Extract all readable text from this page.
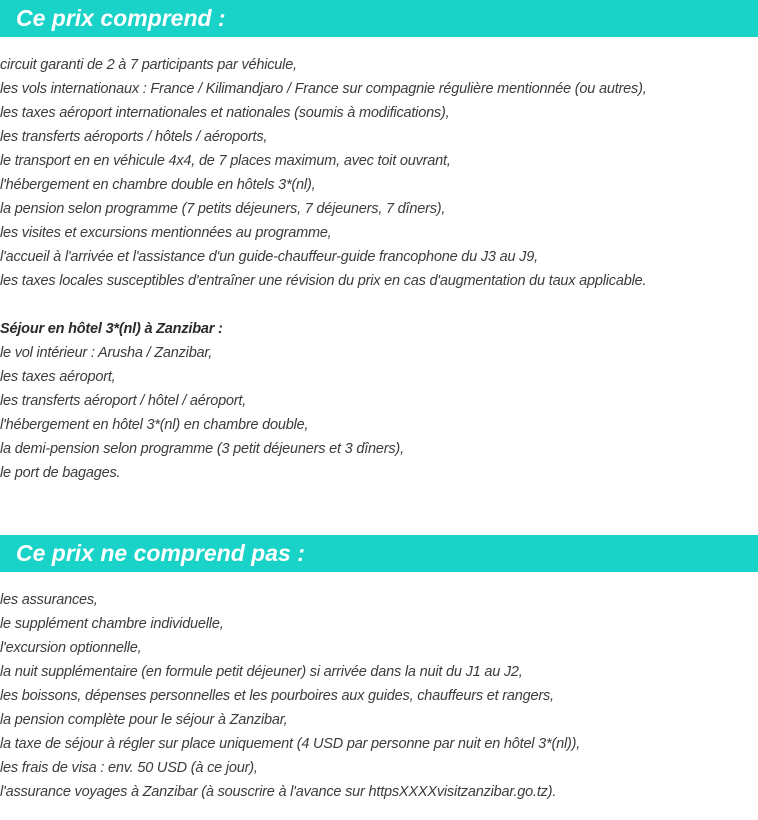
Ce prix comprend :
circuit garanti de 2 à 7 participants par véhicule,
les vols internationaux : France / Kilimandjaro / France sur compagnie régulière mentionnée (ou autres),
les taxes aéroport internationales et nationales (soumis à modifications),
les transferts aéroports / hôtels / aéroports,
le transport en en véhicule 4x4, de 7 places maximum, avec toit ouvrant,
l'hébergement en chambre double en hôtels 3*(nl),
la pension selon programme (7 petits déjeuners, 7 déjeuners, 7 dîners),
les visites et excursions mentionnées au programme,
l'accueil à l'arrivée et l'assistance d'un guide-chauffeur-guide francophone du J3 au J9,
les taxes locales susceptibles d'entraîner une révision du prix en cas d'augmentation du taux applicable.
Séjour en hôtel 3*(nl) à Zanzibar :
le vol intérieur : Arusha / Zanzibar,
les taxes aéroport,
les transferts aéroport / hôtel / aéroport,
l'hébergement en hôtel 3*(nl) en chambre double,
la demi-pension selon programme (3 petit déjeuners et 3 dîners),
le port de bagages.
Ce prix ne comprend pas :
les assurances,
le supplément chambre individuelle,
l'excursion optionnelle,
la nuit supplémentaire (en formule petit déjeuner) si arrivée dans la nuit du J1 au J2,
les boissons, dépenses personnelles et les pourboires aux guides, chauffeurs et rangers,
la pension complète pour le séjour à Zanzibar,
la taxe de séjour à régler sur place uniquement (4 USD par personne par nuit en hôtel 3*(nl)),
les frais de visa : env. 50 USD (à ce jour),
l'assurance voyages à Zanzibar (à souscrire à l'avance sur httpsXXXXvisitzanzibar.go.tz).
